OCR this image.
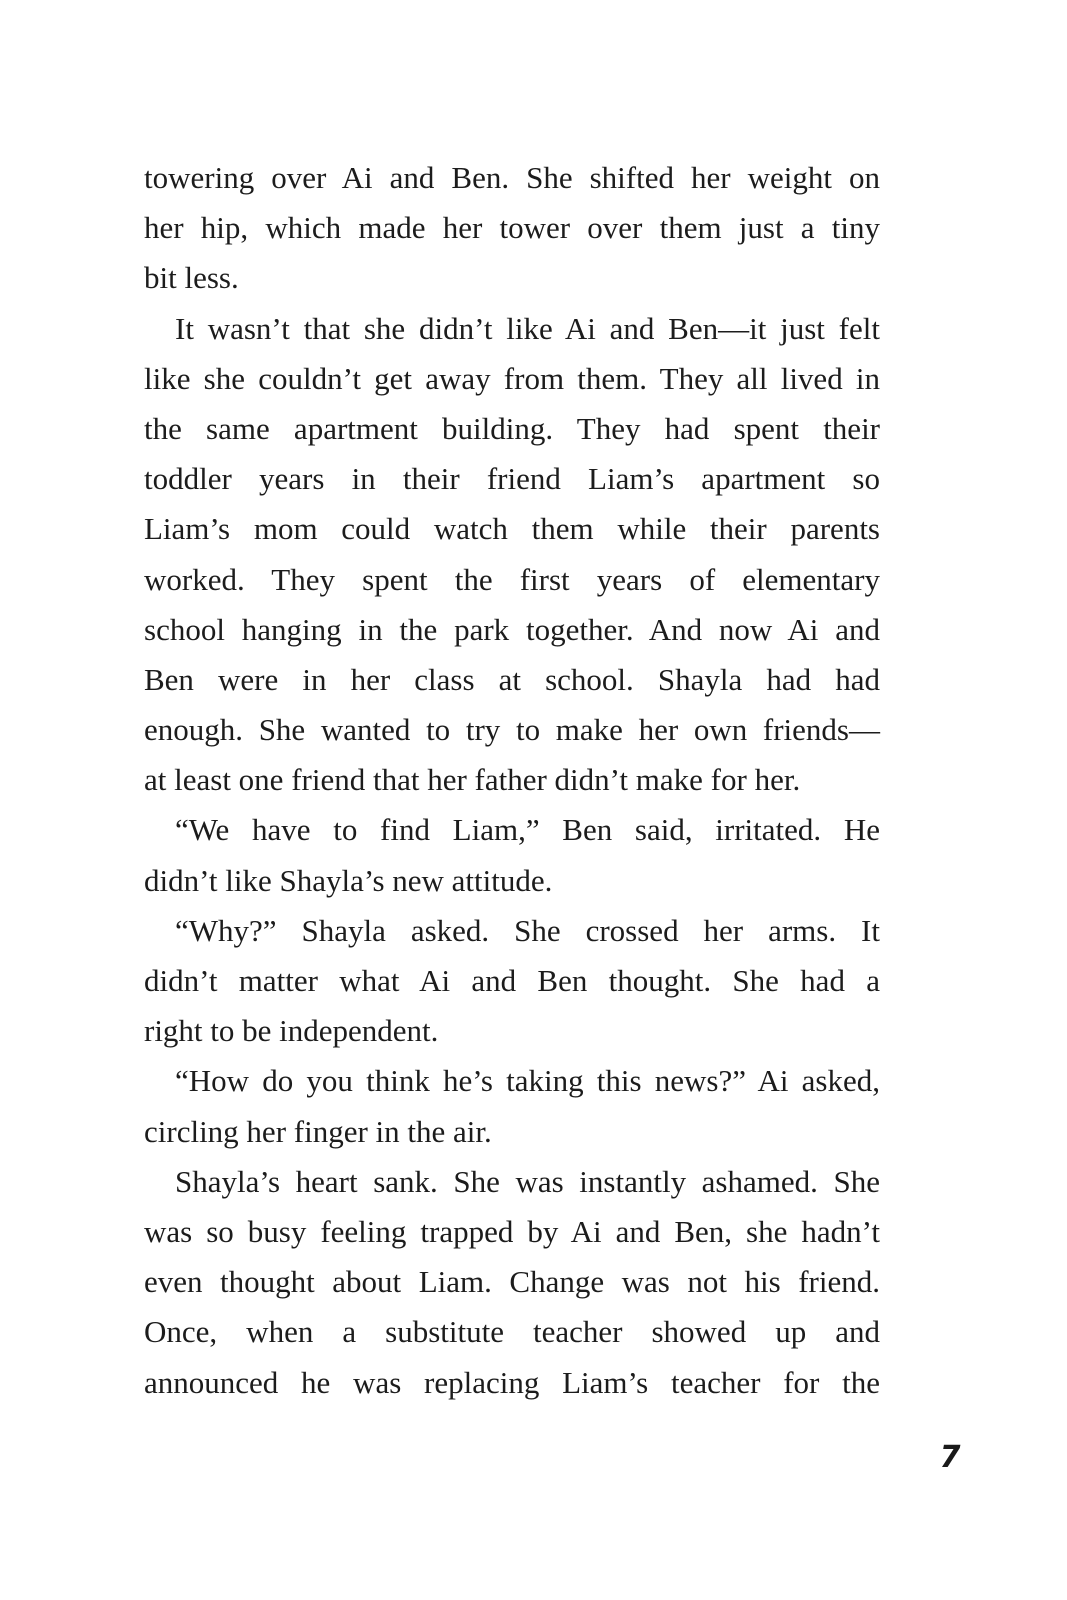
towering over Ai and Ben. She shifted her weight on
her hip, which made her tower over them just a tiny
bit less.
It wasn’t that she didn’t like Ai and Ben—it just felt
like she couldn’t get away from them. They all lived in
the same apartment building. They had spent their
toddler years in their friend Liam’s apartment so
Liam’s mom could watch them while their parents
worked. They spent the first years of elementary
school hanging in the park together. And now Ai and
Ben were in her class at school. Shayla had had
enough. She wanted to try to make her own friends—
at least one friend that her father didn’t make for her.
“We have to find Liam,” Ben said, irritated. He
didn’t like Shayla’s new attitude.
“Why?” Shayla asked. She crossed her arms. It
didn’t matter what Ai and Ben thought. She had a
right to be independent.
“How do you think he’s taking this news?” Ai asked,
circling her finger in the air.
Shayla’s heart sank. She was instantly ashamed. She
was so busy feeling trapped by Ai and Ben, she hadn’t
even thought about Liam. Change was not his friend.
Once, when a substitute teacher showed up and
announced he was replacing Liam’s teacher for the
7
